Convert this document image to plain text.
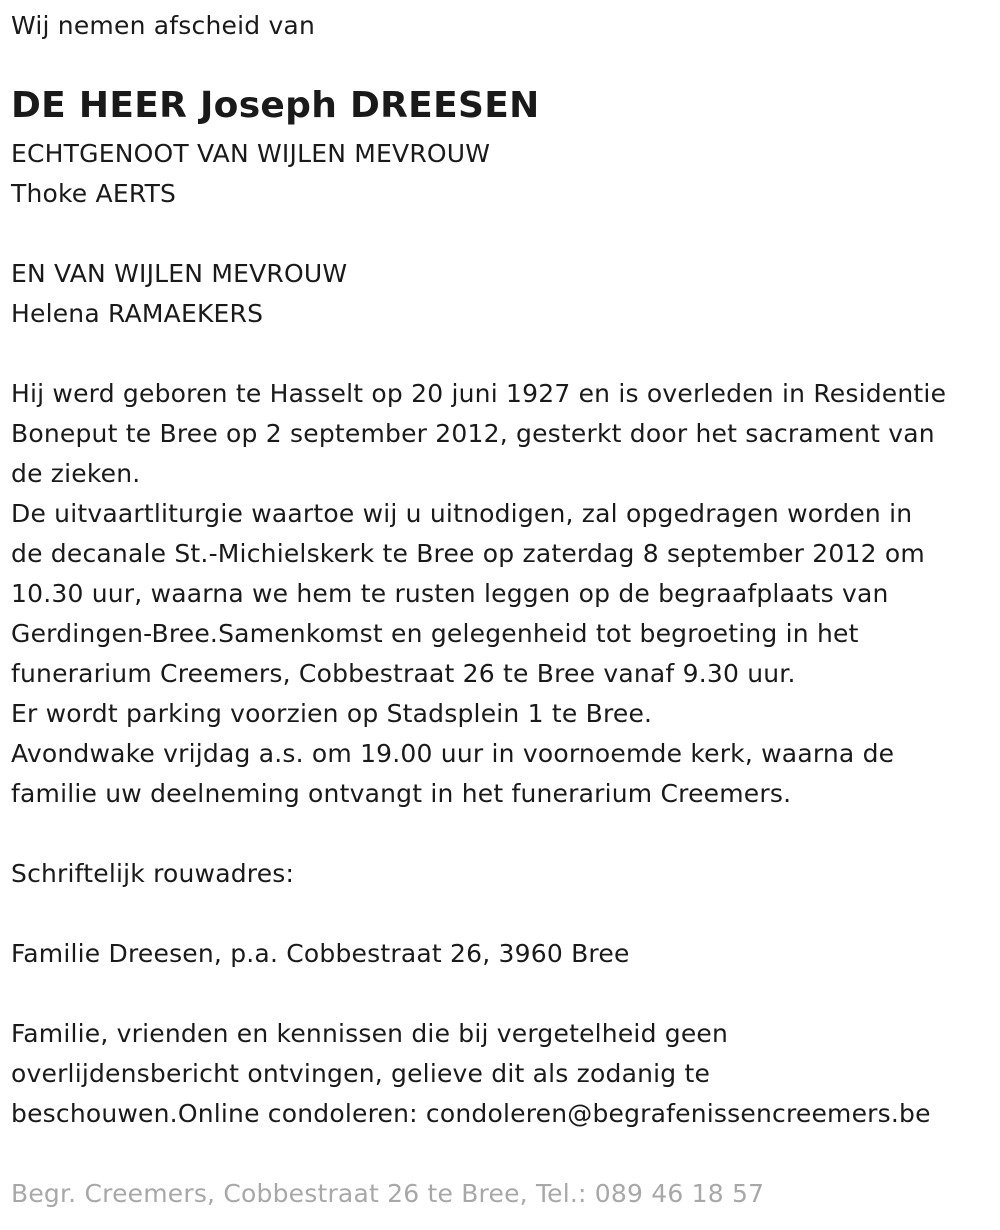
Wij nemen afscheid van
DE HEER Joseph DREESEN
ECHTGENOOT VAN WIJLEN MEVROUW
Thoke AERTS
EN VAN WIJLEN MEVROUW
Helena RAMAEKERS
Hij werd geboren te Hasselt op 20 juni 1927 en is overleden in Residentie
Boneput te Bree op 2 september 2012, gesterkt door het sacrament van
de zieken.
De uitvaartliturgie waartoe wij u uitnodigen, zal opgedragen worden in
de decanale St.-Michielskerk te Bree op zaterdag 8 september 2012 om
10.30 uur, waarna we hem te rusten leggen op de begraafplaats van
Gerdingen-Bree.Samenkomst en gelegenheid tot begroeting in het
funerarium Creemers, Cobbestraat 26 te Bree vanaf 9.30 uur.
Er wordt parking voorzien op Stadsplein 1 te Bree.
Avondwake vrijdag a.s. om 19.00 uur in voornoemde kerk, waarna de
familie uw deelneming ontvangt in het funerarium Creemers.
Schriftelijk rouwadres:
Familie Dreesen, p.a. Cobbestraat 26, 3960 Bree
Familie, vrienden en kennissen die bij vergetelheid geen
overlijdensbericht ontvingen, gelieve dit als zodanig te
beschouwen.Online condoleren: condoleren@begrafenissencreemers.be
Begr. Creemers, Cobbestraat 26 te Bree, Tel.: 089 46 18 57
